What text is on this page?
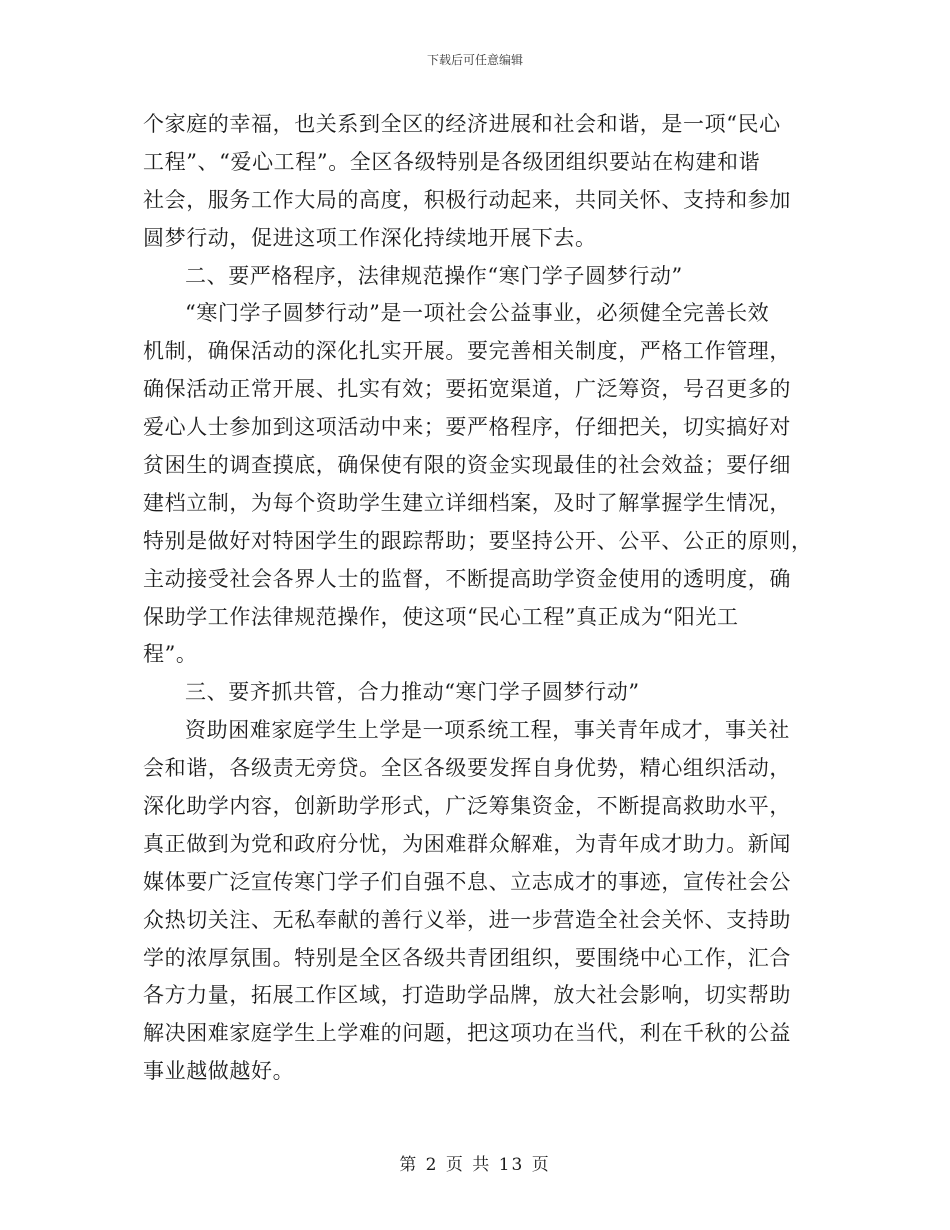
下载后可任意编辑
个家庭的幸福，也关系到全区的经济进展和社会和谐，是一项“民心
工程”、“爱心工程”。全区各级特别是各级团组织要站在构建和谐
社会，服务工作大局的高度，积极行动起来，共同关怀、支持和参加
圆梦行动，促进这项工作深化持续地开展下去。
二、要严格程序，法律规范操作“寒门学子圆梦行动”
“寒门学子圆梦行动”是一项社会公益事业，必须健全完善长效
机制，确保活动的深化扎实开展。要完善相关制度，严格工作管理，
确保活动正常开展、扎实有效；要拓宽渠道，广泛筹资，号召更多的
爱心人士参加到这项活动中来；要严格程序，仔细把关，切实搞好对
贫困生的调查摸底，确保使有限的资金实现最佳的社会效益；要仔细
建档立制，为每个资助学生建立详细档案，及时了解掌握学生情况，
特别是做好对特困学生的跟踪帮助；要坚持公开、公平、公正的原则，
主动接受社会各界人士的监督，不断提高助学资金使用的透明度，确
保助学工作法律规范操作，使这项“民心工程”真正成为“阳光工
程”。
三、要齐抓共管，合力推动“寒门学子圆梦行动”
资助困难家庭学生上学是一项系统工程，事关青年成才，事关社
会和谐，各级责无旁贷。全区各级要发挥自身优势，精心组织活动，
深化助学内容，创新助学形式，广泛筹集资金，不断提高救助水平，
真正做到为党和政府分忧，为困难群众解难，为青年成才助力。新闻
媒体要广泛宣传寒门学子们自强不息、立志成才的事迹，宣传社会公
众热切关注、无私奉献的善行义举，进一步营造全社会关怀、支持助
学的浓厚氛围。特别是全区各级共青团组织，要围绕中心工作，汇合
各方力量，拓展工作区域，打造助学品牌，放大社会影响，切实帮助
解决困难家庭学生上学难的问题，把这项功在当代，利在千秋的公益
事业越做越好。
第 2 页 共 13 页
